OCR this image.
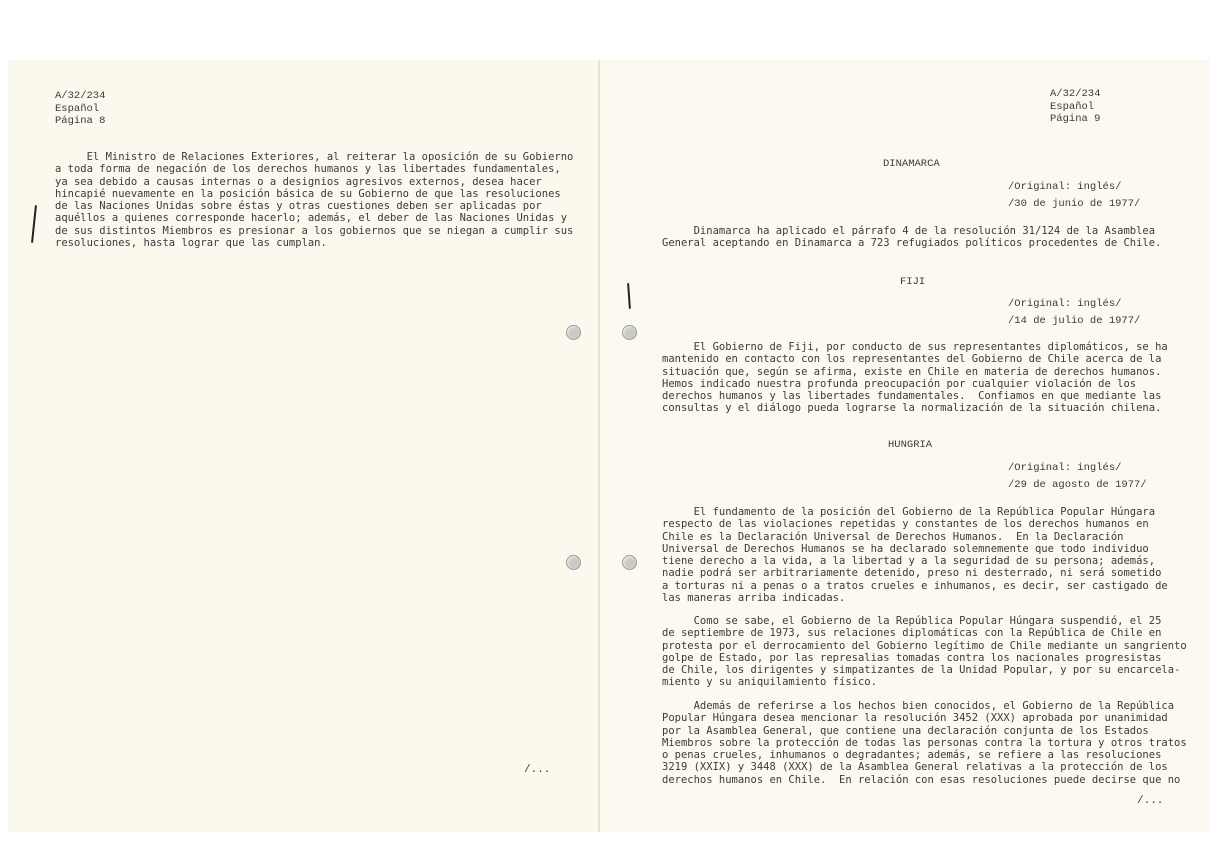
A/32/234
Español
Página 8
El Ministro de Relaciones Exteriores, al reiterar la oposición de su Gobierno
a toda forma de negación de los derechos humanos y las libertades fundamentales,
ya sea debido a causas internas o a designios agresivos externos, desea hacer
hincapié nuevamente en la posición básica de su Gobierno de que las resoluciones
de las Naciones Unidas sobre éstas y otras cuestiones deben ser aplicadas por
aquéllos a quienes corresponde hacerlo; además, el deber de las Naciones Unidas y
de sus distintos Miembros es presionar a los gobiernos que se niegan a cumplir sus
resoluciones, hasta lograr que las cumplan.
/...
A/32/234
Español
Página 9
DINAMARCA
/Original: inglés/
/30 de junio de 1977/
Dinamarca ha aplicado el párrafo 4 de la resolución 31/124 de la Asamblea
General aceptando en Dinamarca a 723 refugiados políticos procedentes de Chile.
FIJI
/Original: inglés/
/14 de julio de 1977/
El Gobierno de Fiji, por conducto de sus representantes diplomáticos, se ha
mantenido en contacto con los representantes del Gobierno de Chile acerca de la
situación que, según se afirma, existe en Chile en materia de derechos humanos.
Hemos indicado nuestra profunda preocupación por cualquier violación de los
derechos humanos y las libertades fundamentales.  Confiamos en que mediante las
consultas y el diálogo pueda lograrse la normalización de la situación chilena.
HUNGRIA
/Original: inglés/
/29 de agosto de 1977/
El fundamento de la posición del Gobierno de la República Popular Húngara
respecto de las violaciones repetidas y constantes de los derechos humanos en
Chile es la Declaración Universal de Derechos Humanos.  En la Declaración
Universal de Derechos Humanos se ha declarado solemnemente que todo individuo
tiene derecho a la vida, a la libertad y a la seguridad de su persona; además,
nadie podrá ser arbitrariamente detenido, preso ni desterrado, ni será sometido
a torturas ni a penas o a tratos crueles e inhumanos, es decir, ser castigado de
las maneras arriba indicadas.
Como se sabe, el Gobierno de la República Popular Húngara suspendió, el 25
de septiembre de 1973, sus relaciones diplomáticas con la República de Chile en
protesta por el derrocamiento del Gobierno legítimo de Chile mediante un sangriento
golpe de Estado, por las represalias tomadas contra los nacionales progresistas
de Chile, los dirigentes y simpatizantes de la Unidad Popular, y por su encarcela-
miento y su aniquilamiento físico.
Además de referirse a los hechos bien conocidos, el Gobierno de la República
Popular Húngara desea mencionar la resolución 3452 (XXX) aprobada por unanimidad
por la Asamblea General, que contiene una declaración conjunta de los Estados
Miembros sobre la protección de todas las personas contra la tortura y otros tratos
o penas crueles, inhumanos o degradantes; además, se refiere a las resoluciones
3219 (XXIX) y 3448 (XXX) de la Asamblea General relativas a la protección de los
derechos humanos en Chile.  En relación con esas resoluciones puede decirse que no
/...
